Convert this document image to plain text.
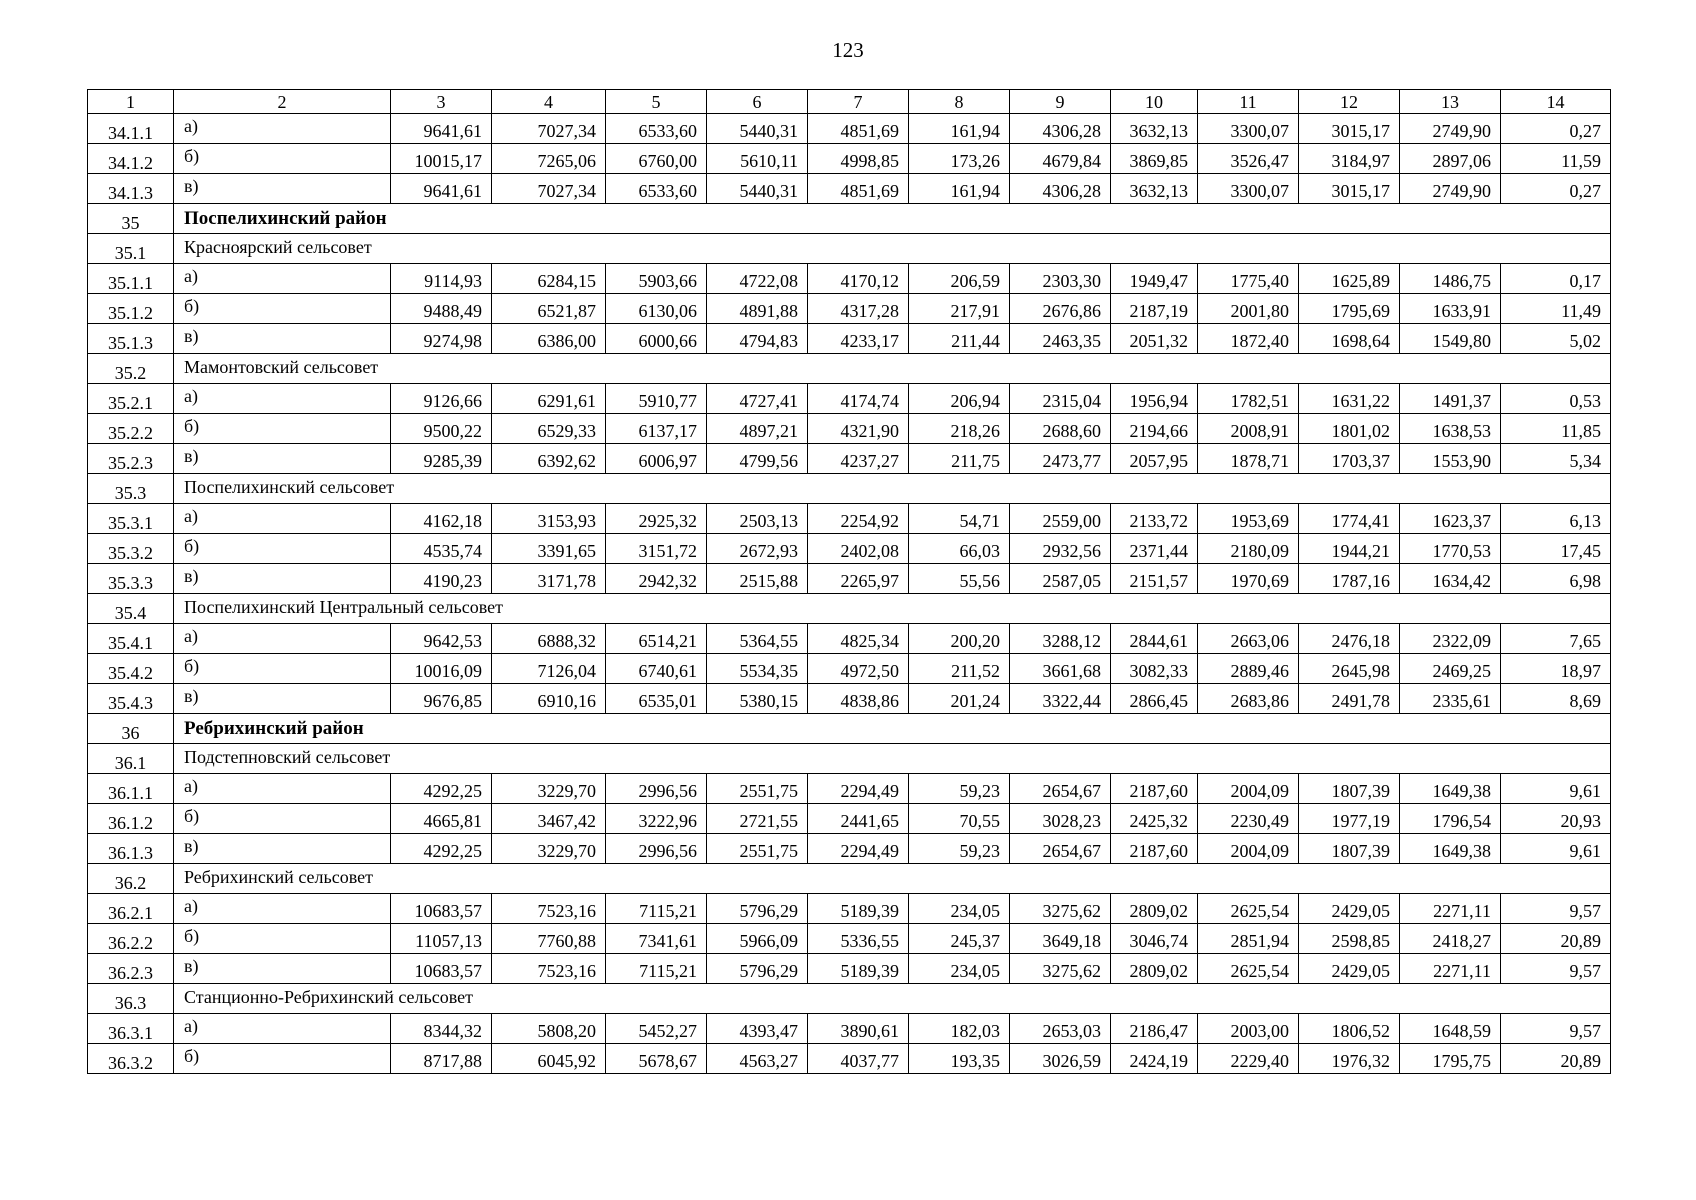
123
1	2	3	4	5	6	7	8	9	10	11	12	13	14
34.1.1	а)	9641,61	7027,34	6533,60	5440,31	4851,69	161,94	4306,28	3632,13	3300,07	3015,17	2749,90	0,27
34.1.2	б)	10015,17	7265,06	6760,00	5610,11	4998,85	173,26	4679,84	3869,85	3526,47	3184,97	2897,06	11,59
34.1.3	в)	9641,61	7027,34	6533,60	5440,31	4851,69	161,94	4306,28	3632,13	3300,07	3015,17	2749,90	0,27
35	Поспелихинский район												
35.1	Красноярский сельсовет												
35.1.1	а)	9114,93	6284,15	5903,66	4722,08	4170,12	206,59	2303,30	1949,47	1775,40	1625,89	1486,75	0,17
35.1.2	б)	9488,49	6521,87	6130,06	4891,88	4317,28	217,91	2676,86	2187,19	2001,80	1795,69	1633,91	11,49
35.1.3	в)	9274,98	6386,00	6000,66	4794,83	4233,17	211,44	2463,35	2051,32	1872,40	1698,64	1549,80	5,02
35.2	Мамонтовский сельсовет												
35.2.1	а)	9126,66	6291,61	5910,77	4727,41	4174,74	206,94	2315,04	1956,94	1782,51	1631,22	1491,37	0,53
35.2.2	б)	9500,22	6529,33	6137,17	4897,21	4321,90	218,26	2688,60	2194,66	2008,91	1801,02	1638,53	11,85
35.2.3	в)	9285,39	6392,62	6006,97	4799,56	4237,27	211,75	2473,77	2057,95	1878,71	1703,37	1553,90	5,34
35.3	Поспелихинский сельсовет												
35.3.1	а)	4162,18	3153,93	2925,32	2503,13	2254,92	54,71	2559,00	2133,72	1953,69	1774,41	1623,37	6,13
35.3.2	б)	4535,74	3391,65	3151,72	2672,93	2402,08	66,03	2932,56	2371,44	2180,09	1944,21	1770,53	17,45
35.3.3	в)	4190,23	3171,78	2942,32	2515,88	2265,97	55,56	2587,05	2151,57	1970,69	1787,16	1634,42	6,98
35.4	Поспелихинский Центральный сельсовет												
35.4.1	а)	9642,53	6888,32	6514,21	5364,55	4825,34	200,20	3288,12	2844,61	2663,06	2476,18	2322,09	7,65
35.4.2	б)	10016,09	7126,04	6740,61	5534,35	4972,50	211,52	3661,68	3082,33	2889,46	2645,98	2469,25	18,97
35.4.3	в)	9676,85	6910,16	6535,01	5380,15	4838,86	201,24	3322,44	2866,45	2683,86	2491,78	2335,61	8,69
36	Ребрихинский район												
36.1	Подстепновский сельсовет												
36.1.1	а)	4292,25	3229,70	2996,56	2551,75	2294,49	59,23	2654,67	2187,60	2004,09	1807,39	1649,38	9,61
36.1.2	б)	4665,81	3467,42	3222,96	2721,55	2441,65	70,55	3028,23	2425,32	2230,49	1977,19	1796,54	20,93
36.1.3	в)	4292,25	3229,70	2996,56	2551,75	2294,49	59,23	2654,67	2187,60	2004,09	1807,39	1649,38	9,61
36.2	Ребрихинский сельсовет												
36.2.1	а)	10683,57	7523,16	7115,21	5796,29	5189,39	234,05	3275,62	2809,02	2625,54	2429,05	2271,11	9,57
36.2.2	б)	11057,13	7760,88	7341,61	5966,09	5336,55	245,37	3649,18	3046,74	2851,94	2598,85	2418,27	20,89
36.2.3	в)	10683,57	7523,16	7115,21	5796,29	5189,39	234,05	3275,62	2809,02	2625,54	2429,05	2271,11	9,57
36.3	Станционно-Ребрихинский сельсовет												
36.3.1	а)	8344,32	5808,20	5452,27	4393,47	3890,61	182,03	2653,03	2186,47	2003,00	1806,52	1648,59	9,57
36.3.2	б)	8717,88	6045,92	5678,67	4563,27	4037,77	193,35	3026,59	2424,19	2229,40	1976,32	1795,75	20,89
